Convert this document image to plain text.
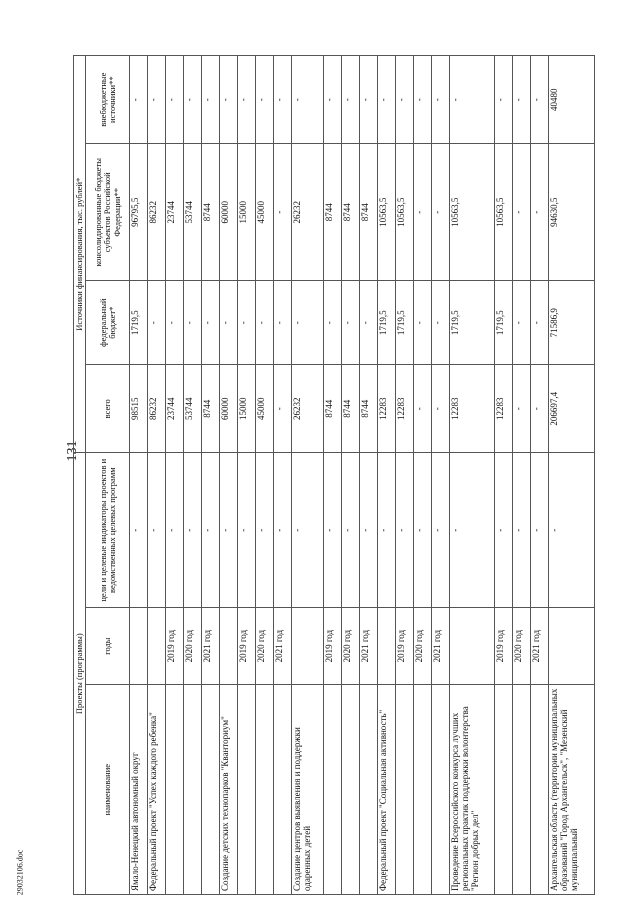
131
29032106.doc
Проекты (программы)			Источники финансирования, тыс. рублей*			
наименование	годы	цели и целевые индикаторы проектов и ведомственных целевых программ	всего	федеральный бюджет*	консолидированные бюджеты субъектов Российской Федерации**	внебюджетные источники**
Ямало-Ненецкий автономный округ		-	98515	1719,5	96795,5	-
Федеральный проект "Успех каждого ребенка"		-	86232	-	86232	-
	2019 год	-	23744	-	23744	-
	2020 год	-	53744	-	53744	-
	2021 год	-	8744	-	8744	-
Создание детских технопарков "Кванториум"		-	60000	-	60000	-
	2019 год	-	15000	-	15000	-
	2020 год	-	45000	-	45000	-
	2021 год	-	-	-	-	-
Создание центров выявления и поддержки одаренных детей		-	26232	-	26232	-
	2019 год	-	8744	-	8744	-
	2020 год	-	8744	-	8744	-
	2021 год	-	8744	-	8744	-
Федеральный проект "Социальная активность"		-	12283	1719,5	10563,5	-
	2019 год	-	12283	1719,5	10563,5	-
	2020 год	-	-	-	-	-
	2021 год	-	-	-	-	-
Проведение Всероссийского конкурса лучших региональных практик поддержки волонтерства "Регион добрых дел"		-	12283	1719,5	10563,5	-
	2019 год	-	12283	1719,5	10563,5	-
	2020 год	-	-	-	-	-
	2021 год	-	-	-	-	-
Архангельская область (территории муниципальных образований "Город Архангельск", "Мезенский муниципальный		-	206697,4	71586,9	94630,5	40480
